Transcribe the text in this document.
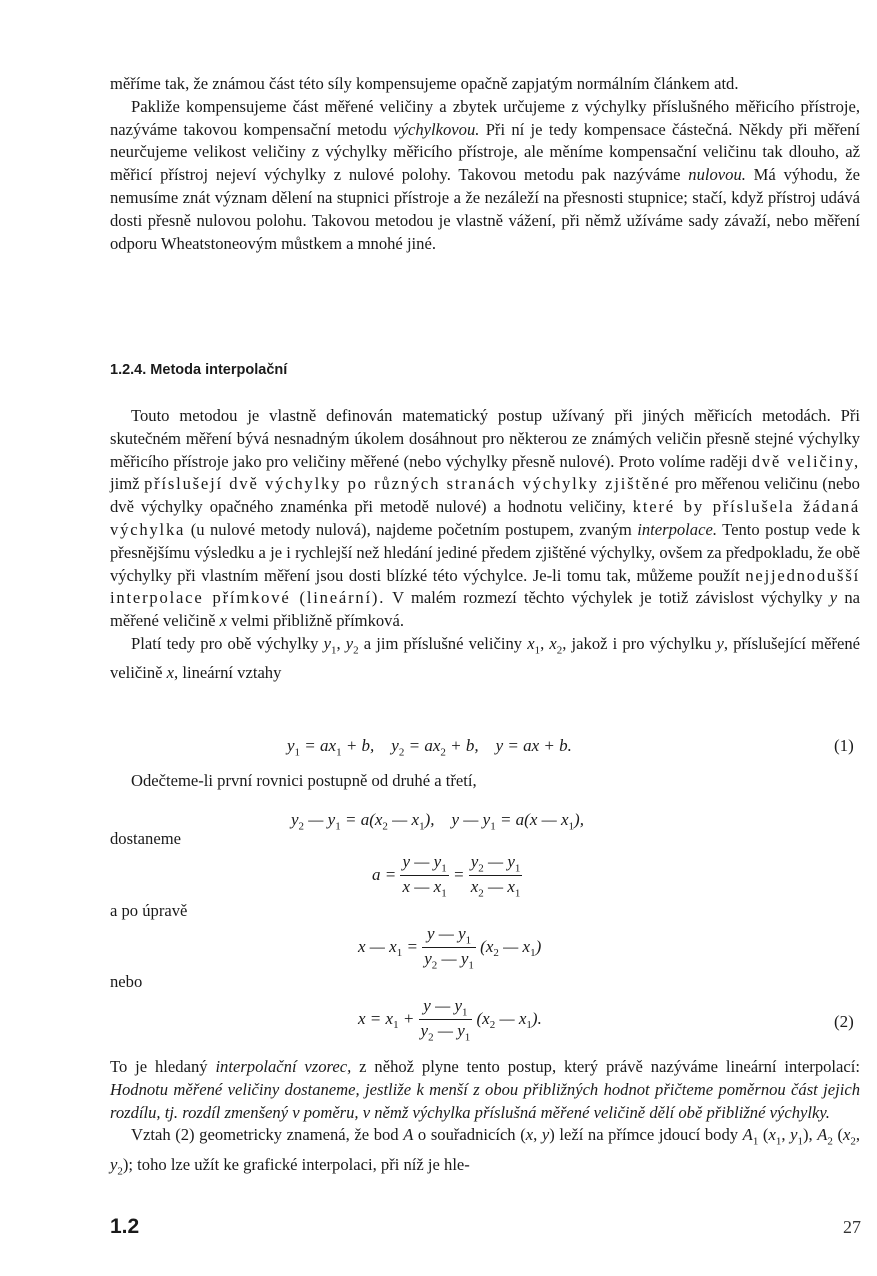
měříme tak, že známou část této síly kompensujeme opačně zapjatým normálním článkem atd.

Pakliže kompensujeme část měřené veličiny a zbytek určujeme z výchylky příslušného měřicího přístroje, nazýváme takovou kompensační metodu výchylkovou. Při ní je tedy kompensace částečná. Někdy při měření neurčujeme velikost veličiny z výchylky měřicího přístroje, ale měníme kompensační veličinu tak dlouho, až měřicí přístroj nejeví výchylky z nulové polohy. Takovou metodu pak nazýváme nulovou. Má výhodu, že nemusíme znát význam dělení na stupnici přístroje a že nezáleží na přesnosti stupnice; stačí, když přístroj udává dosti přesně nulovou polohu. Takovou metodou je vlastně vážení, při němž užíváme sady závaží, nebo měření odporu Wheatstoneovým můstkem a mnohé jiné.

1.2.4. Metoda interpolační

Touto metodou je vlastně definován matematický postup užívaný při jiných měřicích metodách. Při skutečném měření bývá nesnadným úkolem dosáhnout pro některou ze známých veličin přesně stejné výchylky měřicího přístroje jako pro veličiny měřené (nebo výchylky přesně nulové). Proto volíme raději dvě veličiny, jimž příslušejí dvě výchylky po různých stranách výchylky zjištěné pro měřenou veličinu (nebo dvě výchylky opačného znaménka při metodě nulové) a hodnotu veličiny, které by příslušela žádaná výchylka (u nulové metody nulová), najdeme početním postupem, zvaným interpolace. Tento postup vede k přesnějšímu výsledku a je i rychlejší než hledání jediné předem zjištěné výchylky, ovšem za předpokladu, že obě výchylky při vlastním měření jsou dosti blízké této výchylce. Je-li tomu tak, můžeme použít nejjednodušší interpolace přímkové (lineární). V malém rozmezí těchto výchylek je totiž závislost výchylky y na měřené veličině x velmi přibližně přímková.

Platí tedy pro obě výchylky $y_1$, $y_2$ a jim příslušné veličiny $x_1$, $x_2$, jakož i pro výchylku y, příslušející měřené veličině x, lineární vztahy

$y_1 = ax_1 + b$,    $y_2 = ax_2 + b$,    y = ax + b.	(1)
Odečteme-li první rovnici postupně od druhé a třetí,
$y_2$ — $y_1 = a(x_2$ — $x_1$),    y — $y_1 = a(x$ — $x_1$),
dostaneme
$a = \frac{y — y_1}{x — x_1} = \frac{y_2 — y_1}{x_2 — x_1}$
a po úpravě
x — $x_1 = \frac{y — y_1}{y_2 — y_1} (x_2$ — $x_1$)
nebo
$x = x_1 + \frac{y — y_1}{y_2 — y_1} (x_2$ — $x_1$).	(2)

To je hledaný interpolační vzorec, z něhož plyne tento postup, který právě nazýváme lineární interpolací: Hodnotu měřené veličiny dostaneme, jestliže k menší z obou přibližných hodnot přičteme poměrnou část jejich rozdílu, tj. rozdíl zmenšený v poměru, v němž výchylka příslušná měřené veličině dělí obě přibližné výchylky.

Vztah (2) geometricky znamená, že bod A o souřadnicích (x, y) leží na přímce jdoucí body $A_1$ ($x_1$, $y_1$), $A_2$ ($x_2$, $y_2$); toho lze užít ke grafické interpolaci, při níž je hle-

1.2	27
